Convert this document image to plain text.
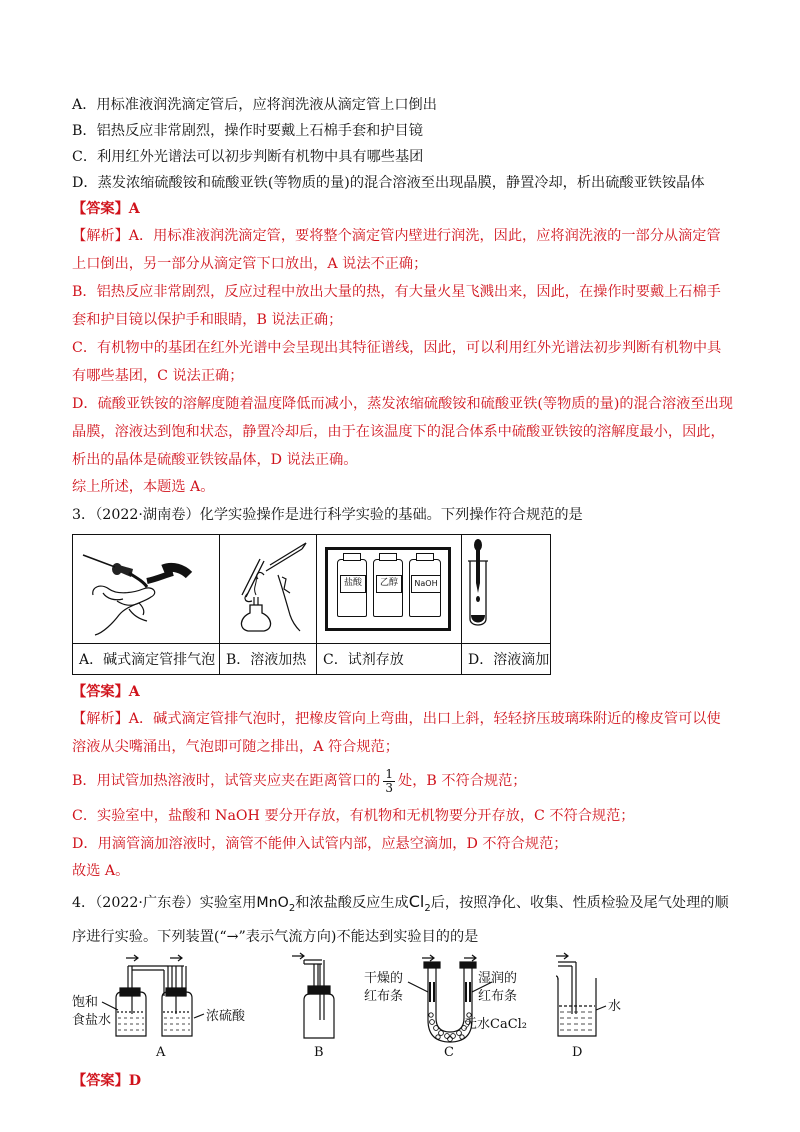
A．用标准液润洗滴定管后，应将润洗液从滴定管上口倒出
B．铝热反应非常剧烈，操作时要戴上石棉手套和护目镜
C．利用红外光谱法可以初步判断有机物中具有哪些基团
D．蒸发浓缩硫酸铵和硫酸亚铁(等物质的量)的混合溶液至出现晶膜，静置冷却，析出硫酸亚铁铵晶体
【答案】A
【解析】A．用标准液润洗滴定管，要将整个滴定管内壁进行润洗，因此，应将润洗液的一部分从滴定管
上口倒出，另一部分从滴定管下口放出，A 说法不正确；
B．铝热反应非常剧烈，反应过程中放出大量的热，有大量火星飞溅出来，因此，在操作时要戴上石棉手
套和护目镜以保护手和眼睛，B 说法正确；
C．有机物中的基团在红外光谱中会呈现出其特征谱线，因此，可以利用红外光谱法初步判断有机物中具
有哪些基团，C 说法正确；
D．硫酸亚铁铵的溶解度随着温度降低而减小，蒸发浓缩硫酸铵和硫酸亚铁(等物质的量)的混合溶液至出现
晶膜，溶液达到饱和状态，静置冷却后，由于在该温度下的混合体系中硫酸亚铁铵的溶解度最小，因此，
析出的晶体是硫酸亚铁铵晶体，D 说法正确。
综上所述，本题选 A。
3．（2022·湖南卷）化学实验操作是进行科学实验的基础。下列操作符合规范的是

盐酸 乙醇 NaOH

A．碱式滴定管排气泡	B．溶液加热	C．试剂存放	D．溶液滴加
【答案】A
【解析】A．碱式滴定管排气泡时，把橡皮管向上弯曲，出口上斜，轻轻挤压玻璃珠附近的橡皮管可以使
溶液从尖嘴涌出，气泡即可随之排出，A 符合规范；
B．用试管加热溶液时，试管夹应夹在距离管口的 $\frac{1}{3}$ 处，B 不符合规范；
C．实验室中，盐酸和 NaOH 要分开存放，有机物和无机物要分开存放，C 不符合规范；
D．用滴管滴加溶液时，滴管不能伸入试管内部，应悬空滴加，D 不符合规范；
故选 A。
4．（2022·广东卷）实验室用MnO$_2$和浓盐酸反应生成$Cl_2$后，按照净化、收集、性质检验及尾气处理的顺
序进行实验。下列装置(“→”表示气流方向)不能达到实验目的的是
饱和
食盐水	浓硫酸
A	B
干燥的
红布条
湿润的
红布条
无水CaCl₂
C
水
D
【答案】D
